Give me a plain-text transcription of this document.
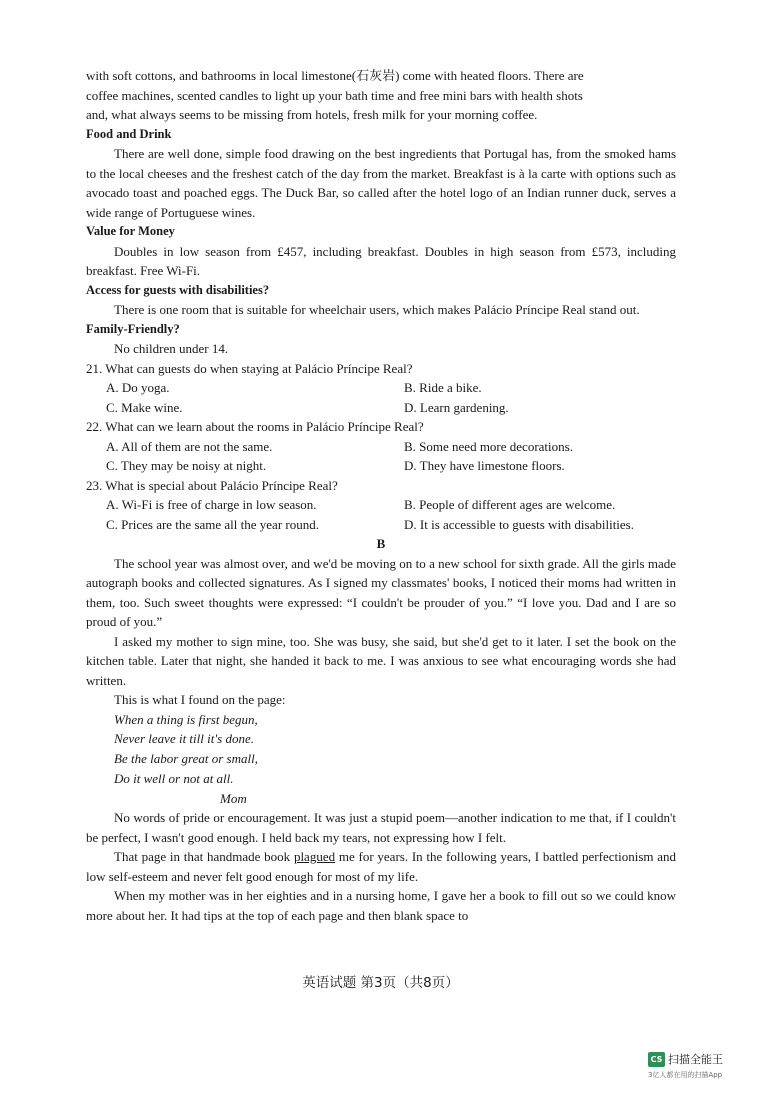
with soft cottons, and bathrooms in local limestone(石灰岩) come with heated floors. There are

coffee machines, scented candles to light up your bath time and free mini bars with health shots

and, what always seems to be missing from hotels, fresh milk for your morning coffee.

Food and Drink

There are well done, simple food drawing on the best ingredients that Portugal has, from the smoked hams to the local cheeses and the freshest catch of the day from the market. Breakfast is à la carte with options such as avocado toast and poached eggs. The Duck Bar, so called after the hotel logo of an Indian runner duck, serves a wide range of Portuguese wines.

Value for Money

Doubles in low season from £457, including breakfast. Doubles in high season from £573, including breakfast. Free Wi-Fi.

Access for guests with disabilities?

There is one room that is suitable for wheelchair users, which makes Palácio Príncipe Real stand out.

Family-Friendly?

No children under 14.

21. What can guests do when staying at Palácio Príncipe Real?

A. Do yoga.	B. Ride a bike.
C. Make wine.	D. Learn gardening.

22. What can we learn about the rooms in Palácio Príncipe Real?

A. All of them are not the same.	B. Some need more decorations.
C. They may be noisy at night.	D. They have limestone floors.

23. What is special about Palácio Príncipe Real?

A. Wi-Fi is free of charge in low season.	B. People of different ages are welcome.
C. Prices are the same all the year round.	D. It is accessible to guests with disabilities.

B

The school year was almost over, and we'd be moving on to a new school for sixth grade. All the girls made autograph books and collected signatures. As I signed my classmates' books, I noticed their moms had written in them, too. Such sweet thoughts were expressed: “I couldn't be prouder of you.” “I love you. Dad and I are so proud of you.”

I asked my mother to sign mine, too. She was busy, she said, but she'd get to it later. I set the book on the kitchen table. Later that night, she handed it back to me. I was anxious to see what encouraging words she had written.

This is what I found on the page:

When a thing is first begun,

Never leave it till it's done.

Be the labor great or small,

Do it well or not at all.

Mom

No words of pride or encouragement. It was just a stupid poem—another indication to me that, if I couldn't be perfect, I wasn't good enough. I held back my tears, not expressing how I felt.

That page in that handmade book plagued me for years. In the following years, I battled perfectionism and low self-esteem and never felt good enough for most of my life.

When my mother was in her eighties and in a nursing home, I gave her a book to fill out so we could know more about her. It had tips at the top of each page and then blank space to

英语试题 第3页（共8页）
CS 扫描全能王
3亿人都在用的扫描App
